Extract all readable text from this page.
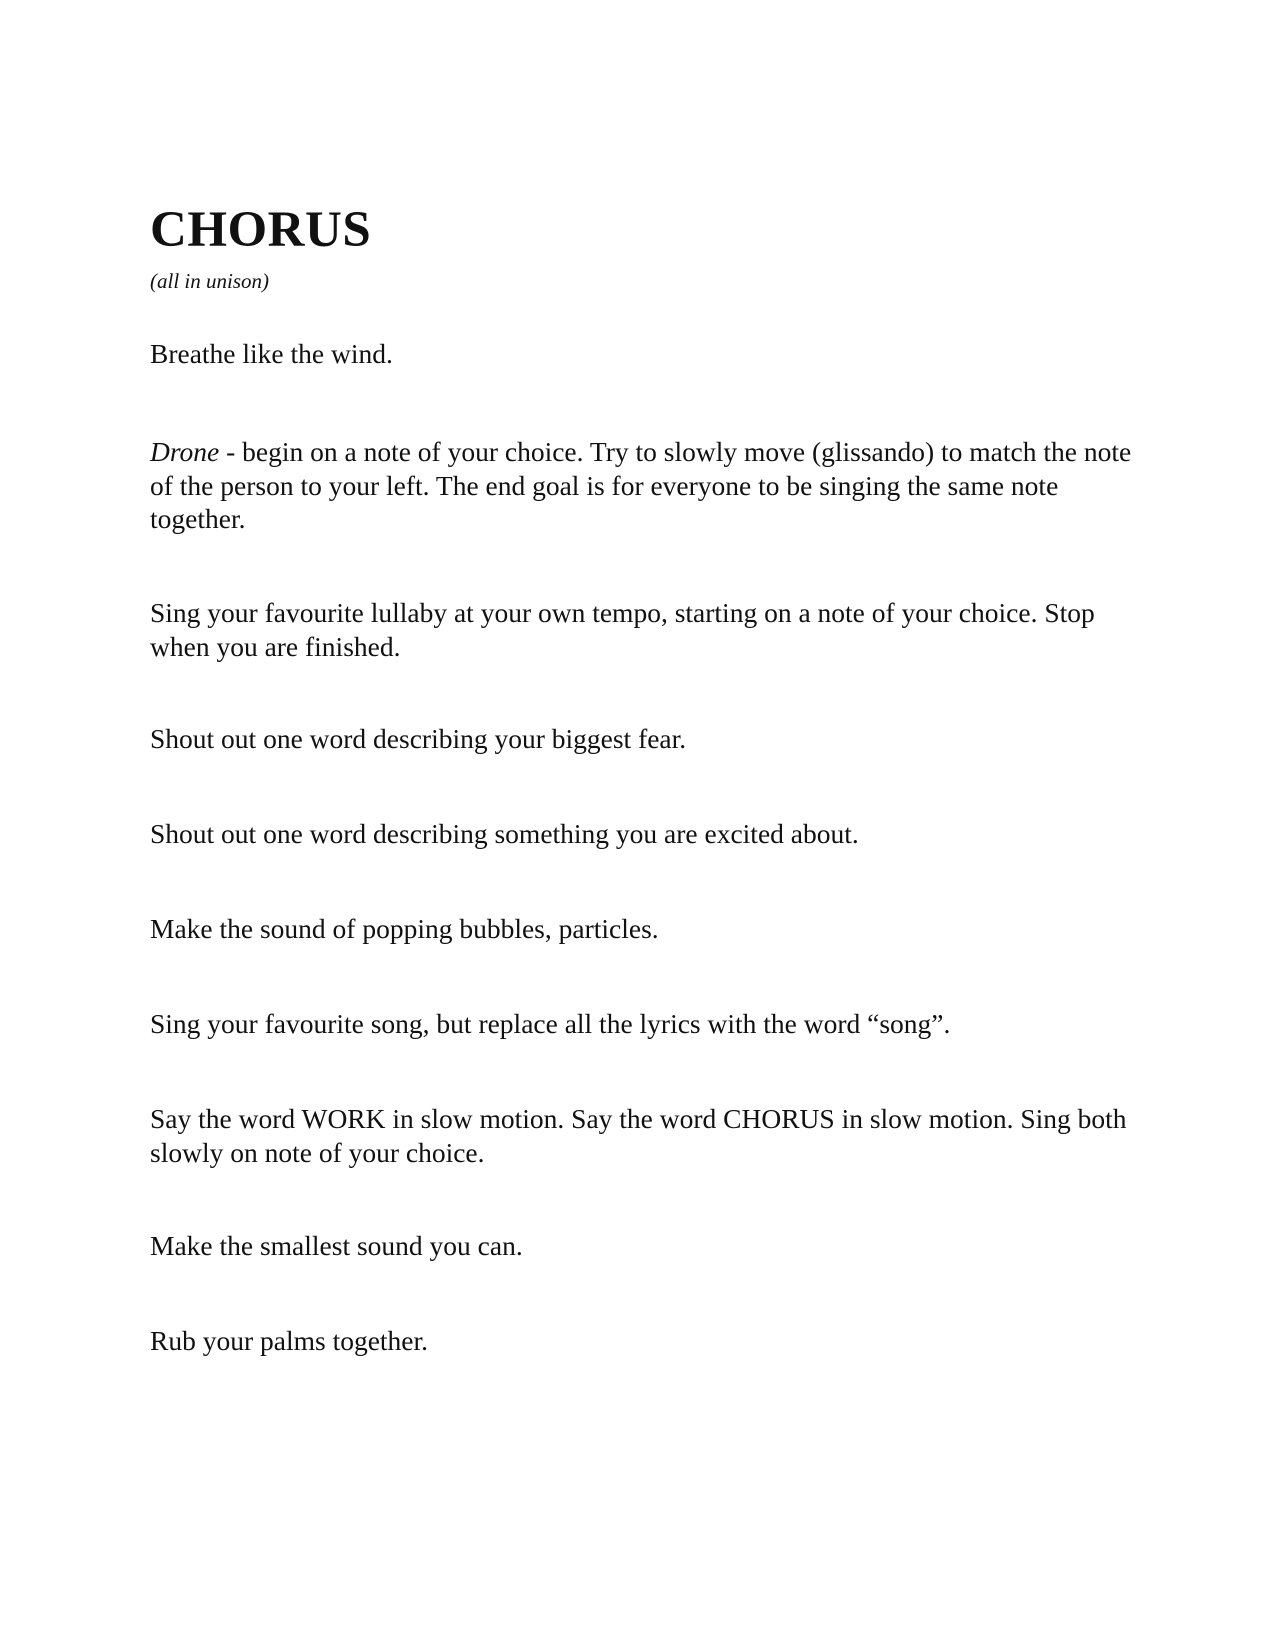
CHORUS

(all in unison)

Breathe like the wind.

Drone - begin on a note of your choice. Try to slowly move (glissando) to match the note of the person to your left. The end goal is for everyone to be singing the same note together.

Sing your favourite lullaby at your own tempo, starting on a note of your choice. Stop when you are finished.

Shout out one word describing your biggest fear.

Shout out one word describing something you are excited about.

Make the sound of popping bubbles, particles.

Sing your favourite song, but replace all the lyrics with the word “song”.

Say the word WORK in slow motion. Say the word CHORUS in slow motion. Sing both slowly on note of your choice.

Make the smallest sound you can.

Rub your palms together.
